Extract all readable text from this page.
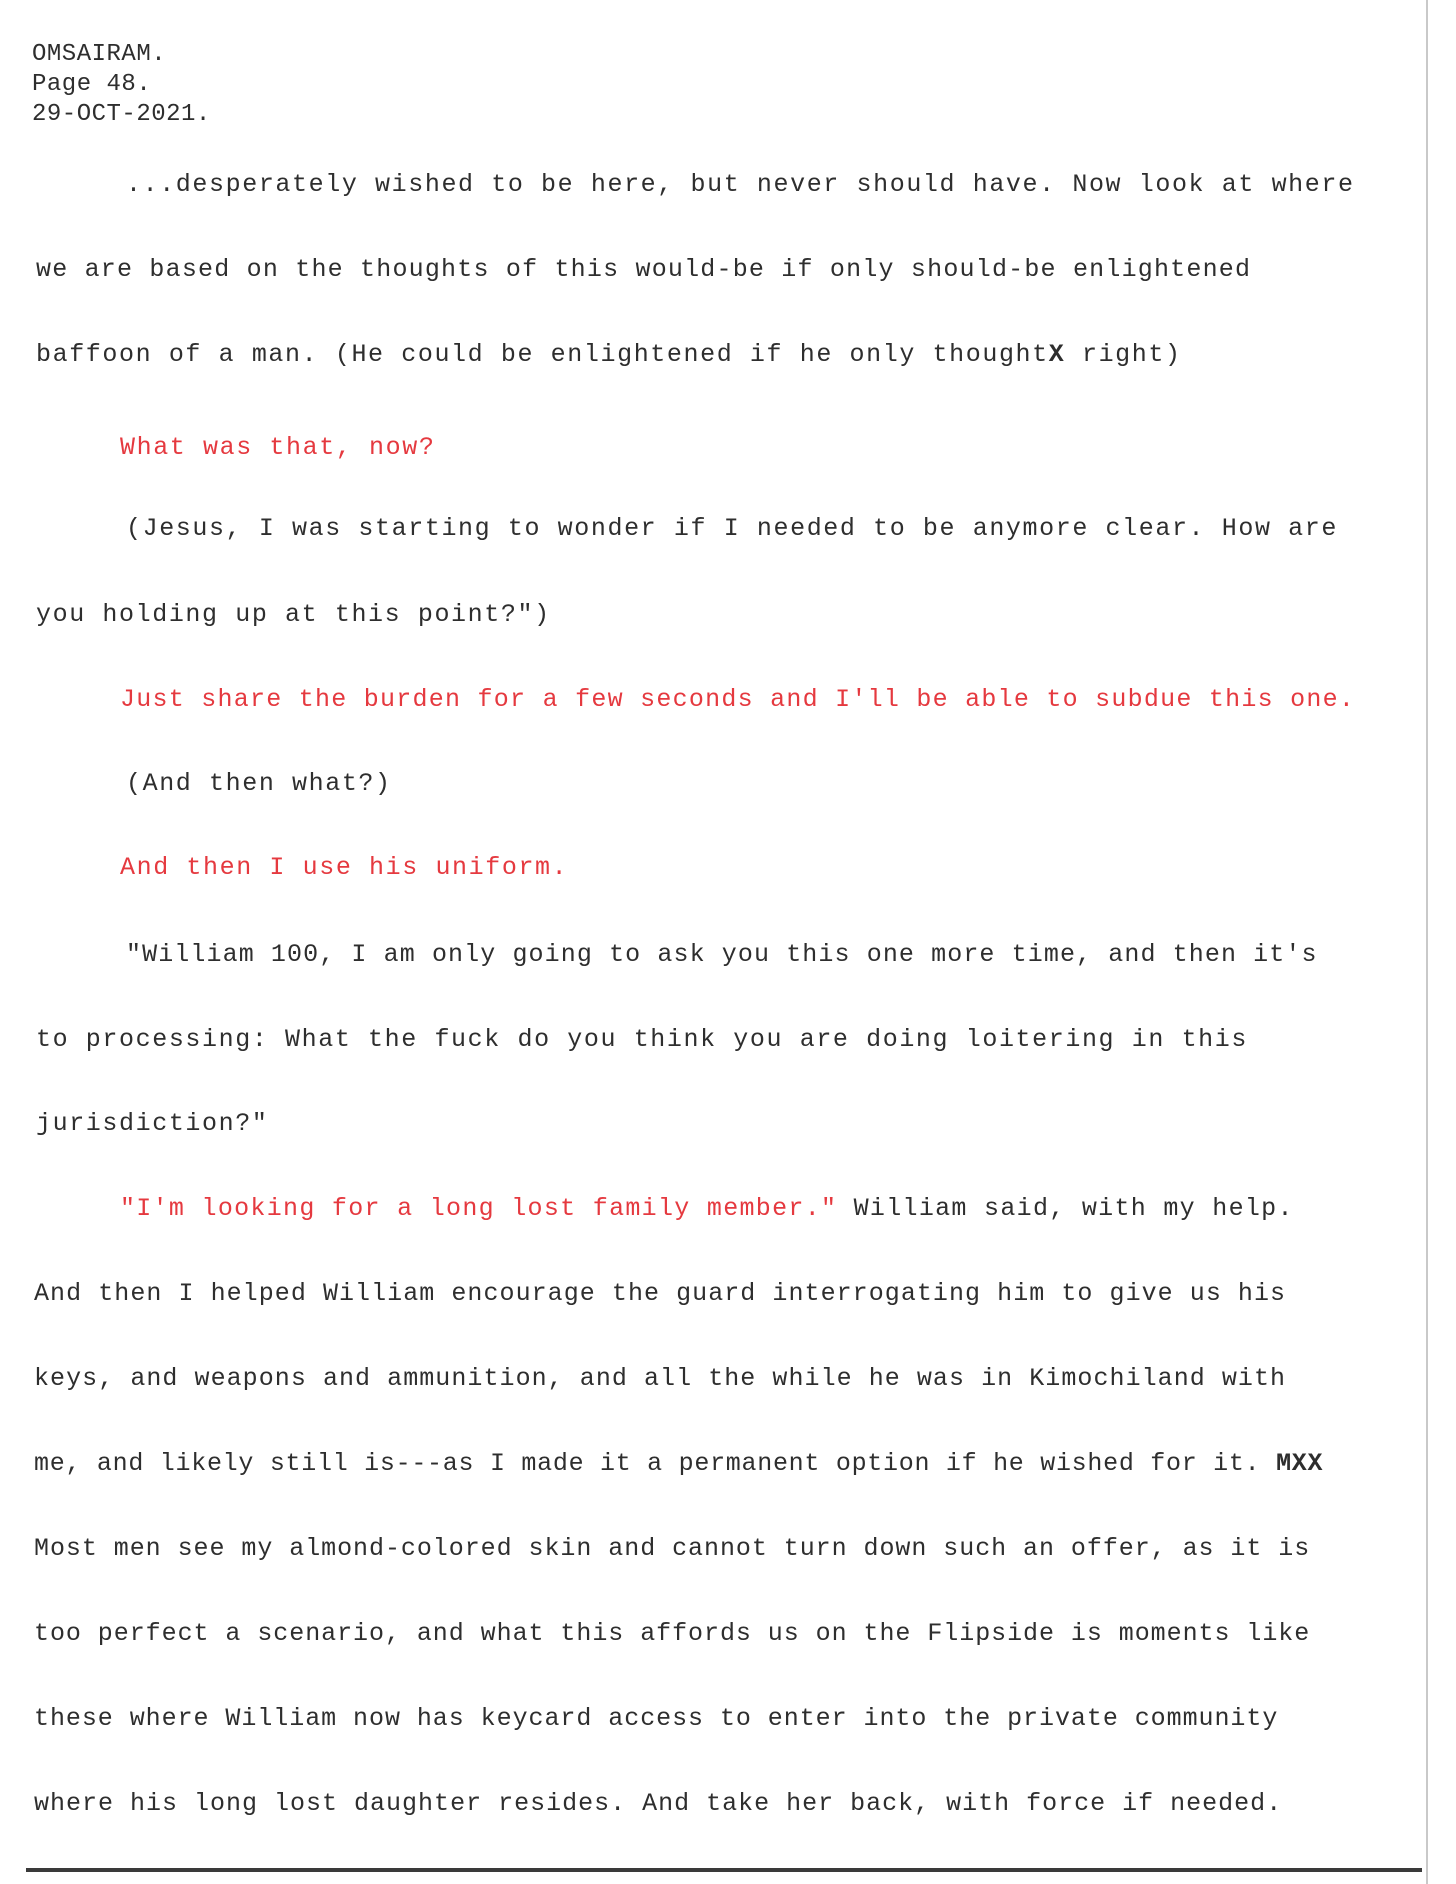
OMSAIRAM.
Page 48.
29-OCT-2021.
...desperately wished to be here, but never should have. Now look at where
we are based on the thoughts of this would-be if only should-be enlightened
baffoon of a man. (He could be enlightened if he only thoughtX right)
What was that, now?
(Jesus, I was starting to wonder if I needed to be anymore clear. How are
you holding up at this point?")
Just share the burden for a few seconds and I'll be able to subdue this one.
(And then what?)
And then I use his uniform.
"William 100, I am only going to ask you this one more time, and then it's
to processing: What the fuck do you think you are doing loitering in this
jurisdiction?"
"I'm looking for a long lost family member." William said, with my help.
And then I helped William encourage the guard interrogating him to give us his
keys, and weapons and ammunition, and all the while he was in Kimochiland with
me, and likely still is---as I made it a permanent option if he wished for it. MXX
Most men see my almond-colored skin and cannot turn down such an offer, as it is
too perfect a scenario, and what this affords us on the Flipside is moments like
these where William now has keycard access to enter into the private community
where his long lost daughter resides. And take her back, with force if needed.
